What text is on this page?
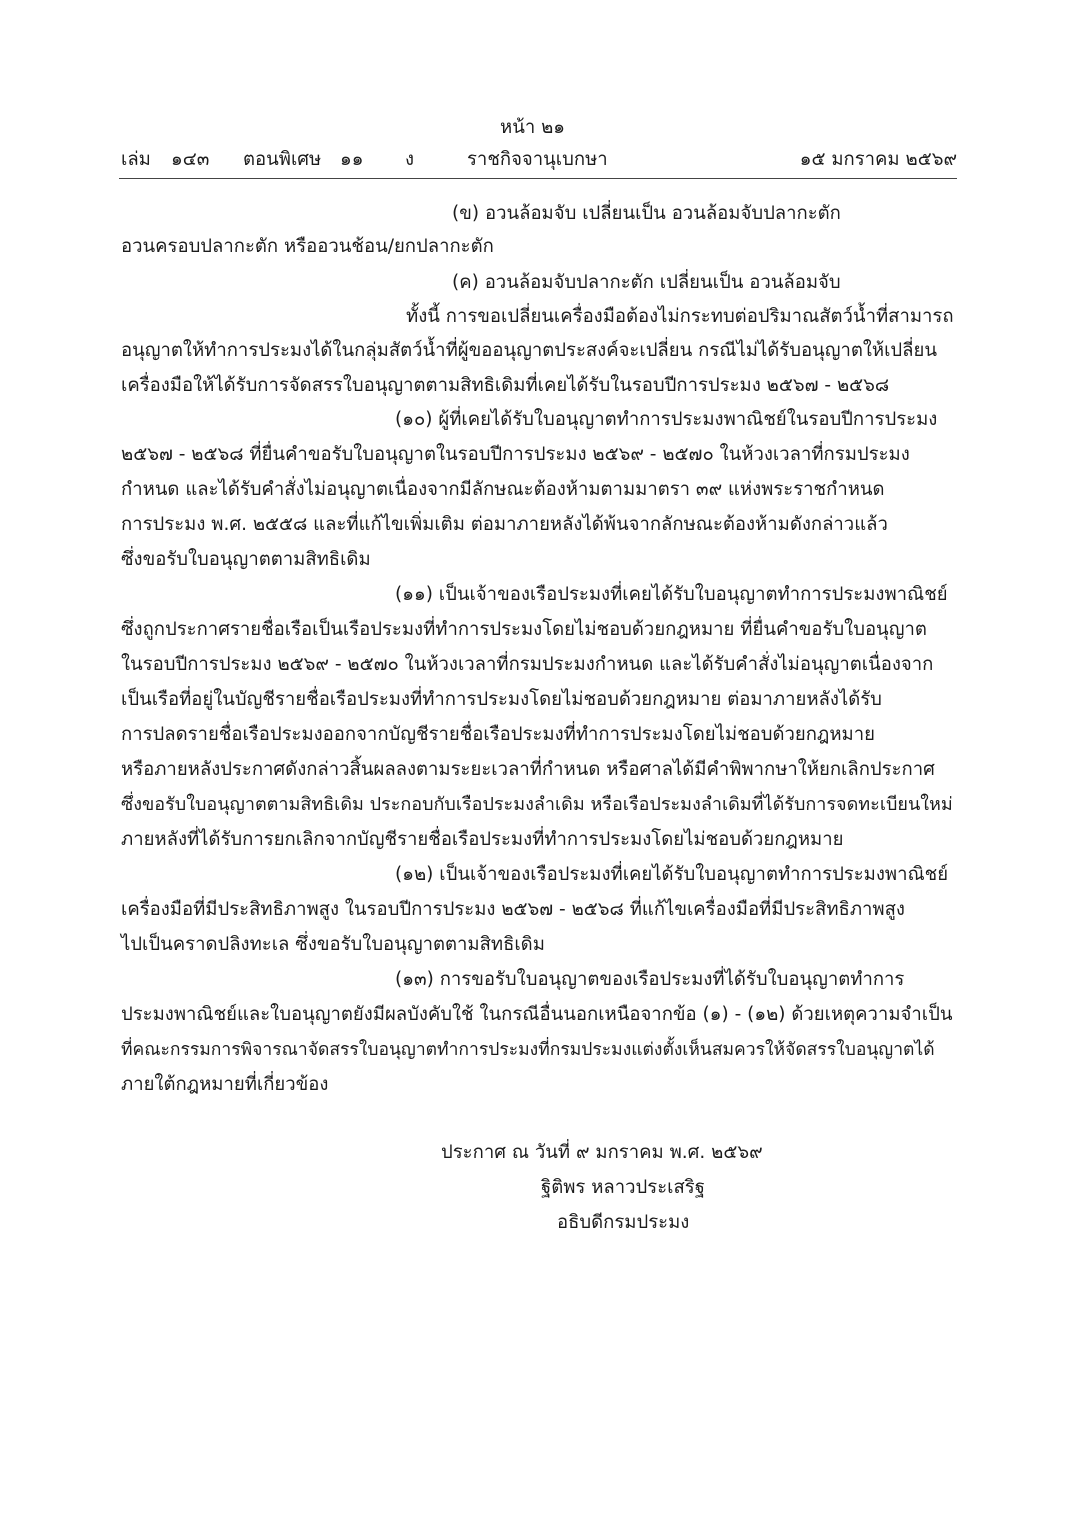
หน้า ๒๑
เล่ม ๑๔๓ ตอนพิเศษ ๑๑ ง	ราชกิจจานุเบกษา	๑๕ มกราคม ๒๕๖๙
(ข) อวนล้อมจับ เปลี่ยนเป็น อวนล้อมจับปลากะตัก
อวนครอบปลากะตัก หรืออวนช้อน/ยกปลากะตัก
(ค) อวนล้อมจับปลากะตัก เปลี่ยนเป็น อวนล้อมจับ
ทั้งนี้ การขอเปลี่ยนเครื่องมือต้องไม่กระทบต่อปริมาณสัตว์น้ำที่สามารถ
อนุญาตให้ทำการประมงได้ในกลุ่มสัตว์น้ำที่ผู้ขออนุญาตประสงค์จะเปลี่ยน กรณีไม่ได้รับอนุญาตให้เปลี่ยน
เครื่องมือให้ได้รับการจัดสรรใบอนุญาตตามสิทธิเดิมที่เคยได้รับในรอบปีการประมง ๒๕๖๗ - ๒๕๖๘
(๑๐) ผู้ที่เคยได้รับใบอนุญาตทำการประมงพาณิชย์ในรอบปีการประมง
๒๕๖๗ - ๒๕๖๘ ที่ยื่นคำขอรับใบอนุญาตในรอบปีการประมง ๒๕๖๙ - ๒๕๗๐ ในห้วงเวลาที่กรมประมง
กำหนด และได้รับคำสั่งไม่อนุญาตเนื่องจากมีลักษณะต้องห้ามตามมาตรา ๓๙ แห่งพระราชกำหนด
การประมง พ.ศ. ๒๕๕๘ และที่แก้ไขเพิ่มเติม ต่อมาภายหลังได้พ้นจากลักษณะต้องห้ามดังกล่าวแล้ว
ซึ่งขอรับใบอนุญาตตามสิทธิเดิม
(๑๑) เป็นเจ้าของเรือประมงที่เคยได้รับใบอนุญาตทำการประมงพาณิชย์
ซึ่งถูกประกาศรายชื่อเรือเป็นเรือประมงที่ทำการประมงโดยไม่ชอบด้วยกฎหมาย ที่ยื่นคำขอรับใบอนุญาต
ในรอบปีการประมง ๒๕๖๙ - ๒๕๗๐ ในห้วงเวลาที่กรมประมงกำหนด และได้รับคำสั่งไม่อนุญาตเนื่องจาก
เป็นเรือที่อยู่ในบัญชีรายชื่อเรือประมงที่ทำการประมงโดยไม่ชอบด้วยกฎหมาย ต่อมาภายหลังได้รับ
การปลดรายชื่อเรือประมงออกจากบัญชีรายชื่อเรือประมงที่ทำการประมงโดยไม่ชอบด้วยกฎหมาย
หรือภายหลังประกาศดังกล่าวสิ้นผลลงตามระยะเวลาที่กำหนด หรือศาลได้มีคำพิพากษาให้ยกเลิกประกาศ
ซึ่งขอรับใบอนุญาตตามสิทธิเดิม ประกอบกับเรือประมงลำเดิม หรือเรือประมงลำเดิมที่ได้รับการจดทะเบียนใหม่
ภายหลังที่ได้รับการยกเลิกจากบัญชีรายชื่อเรือประมงที่ทำการประมงโดยไม่ชอบด้วยกฎหมาย
(๑๒) เป็นเจ้าของเรือประมงที่เคยได้รับใบอนุญาตทำการประมงพาณิชย์
เครื่องมือที่มีประสิทธิภาพสูง ในรอบปีการประมง ๒๕๖๗ - ๒๕๖๘ ที่แก้ไขเครื่องมือที่มีประสิทธิภาพสูง
ไปเป็นคราดปลิงทะเล ซึ่งขอรับใบอนุญาตตามสิทธิเดิม
(๑๓) การขอรับใบอนุญาตของเรือประมงที่ได้รับใบอนุญาตทำการ
ประมงพาณิชย์และใบอนุญาตยังมีผลบังคับใช้ ในกรณีอื่นนอกเหนือจากข้อ (๑) - (๑๒) ด้วยเหตุความจำเป็น
ที่คณะกรรมการพิจารณาจัดสรรใบอนุญาตทำการประมงที่กรมประมงแต่งตั้งเห็นสมควรให้จัดสรรใบอนุญาตได้
ภายใต้กฎหมายที่เกี่ยวข้อง
ประกาศ ณ วันที่ ๙ มกราคม พ.ศ. ๒๕๖๙
ฐิติพร หลาวประเสริฐ
อธิบดีกรมประมง
